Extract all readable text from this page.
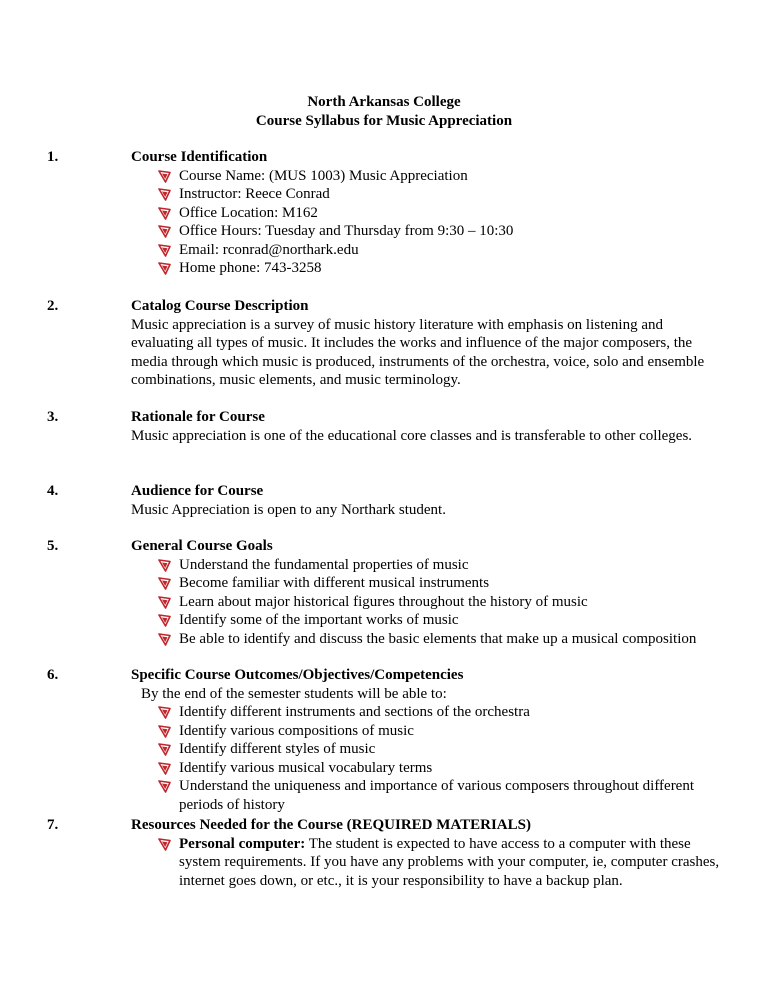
North Arkansas College
Course Syllabus for Music Appreciation
1.	Course Identification
Course Name: (MUS 1003) Music Appreciation
Instructor: Reece Conrad
Office Location: M162
Office Hours: Tuesday and Thursday from 9:30 – 10:30
Email: rconrad@northark.edu
Home phone: 743-3258
2.	Catalog Course Description

Music appreciation is a survey of music history literature with emphasis on listening and evaluating all types of music. It includes the works and influence of the major composers, the media through which music is produced, instruments of the orchestra, voice, solo and ensemble combinations, music elements, and music terminology.

3.	Rationale for Course

Music appreciation is one of the educational core classes and is transferable to other colleges.

4.	Audience for Course

Music Appreciation is open to any Northark student.

5.	General Course Goals
Understand the fundamental properties of music
Become familiar with different musical instruments
Learn about major historical figures throughout the history of music
Identify some of the important works of music
Be able to identify and discuss the basic elements that make up a musical composition
6.	Specific Course Outcomes/Objectives/Competencies
By the end of the semester students will be able to:
Identify different instruments and sections of the orchestra
Identify various compositions of music
Identify different styles of music
Identify various musical vocabulary terms
Understand the uniqueness and importance of various composers throughout different periods of history
7.	Resources Needed for the Course (REQUIRED MATERIALS)
Personal computer: The student is expected to have access to a computer with these system requirements. If you have any problems with your computer, ie, computer crashes, internet goes down, or etc., it is your responsibility to have a backup plan.
